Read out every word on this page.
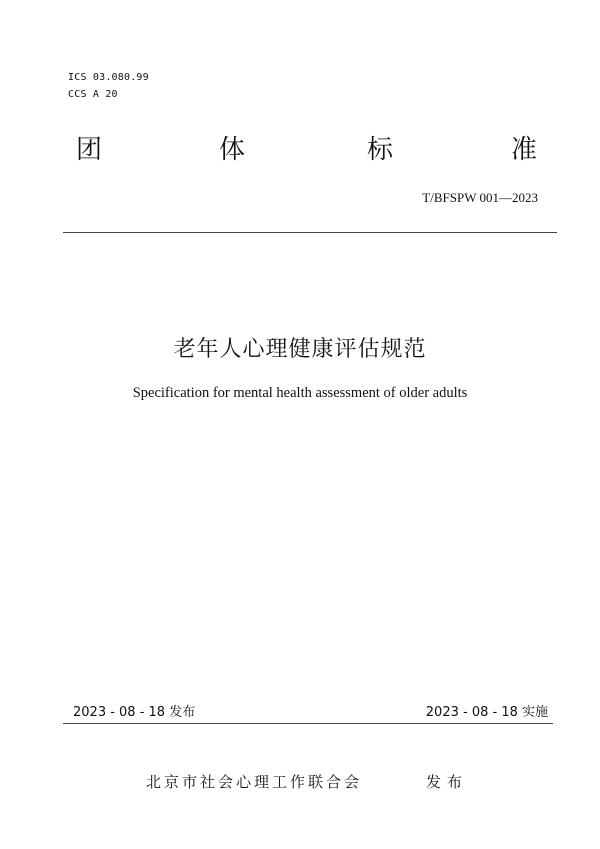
ICS 03.080.99
CCS A 20
团	体	标	准
T/BFSPW 001—2023
老年人心理健康评估规范
Specification for mental health assessment of older adults
2023 - 08 - 18 发布	2023 - 08 - 18 实施
北京市社会心理工作联合会	发布
